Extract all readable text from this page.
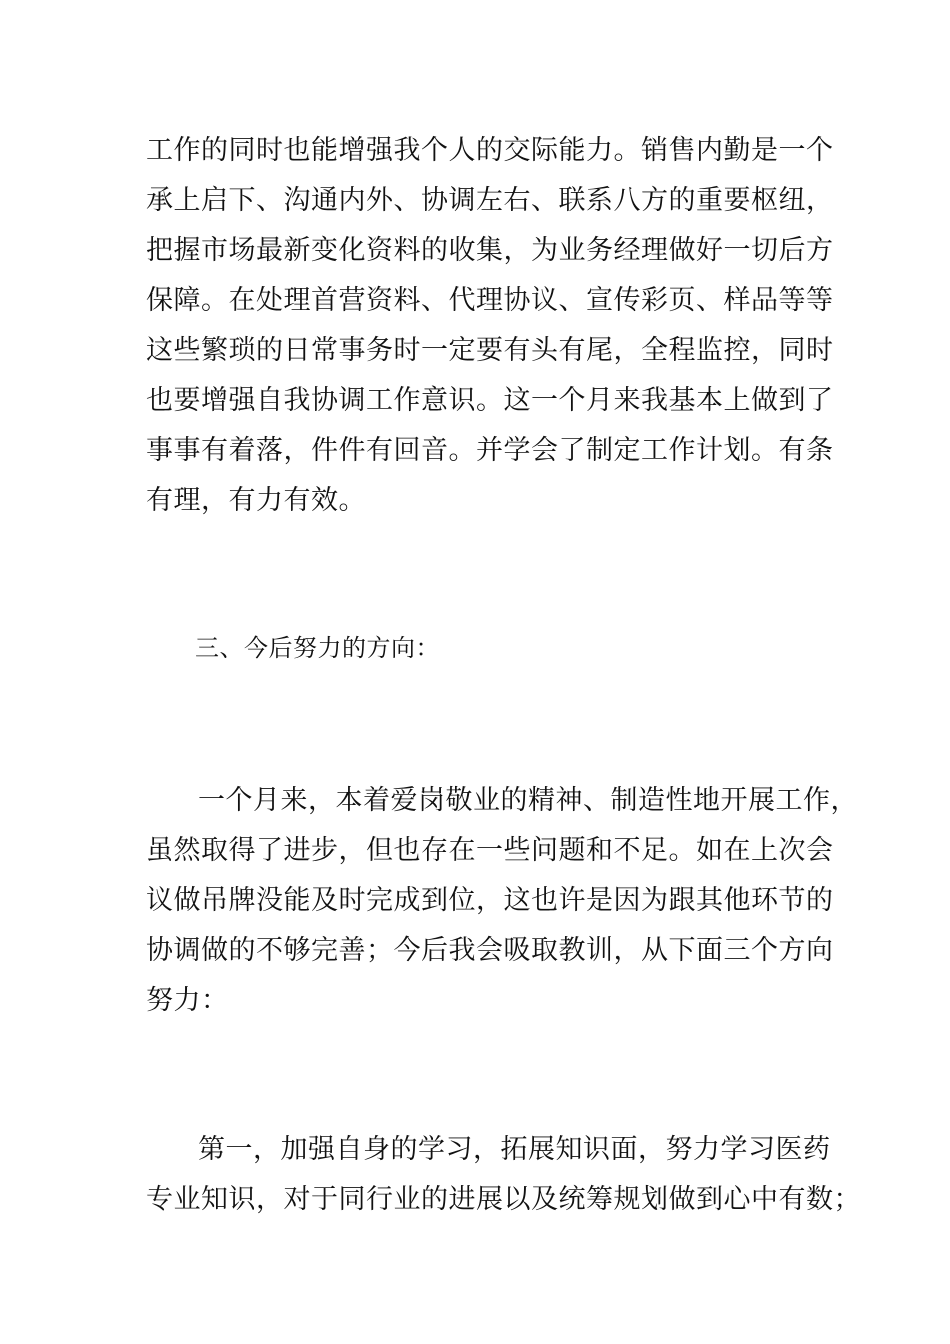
工作的同时也能增强我个人的交际能力。销售内勤是一个
承上启下、沟通内外、协调左右、联系八方的重要枢纽，
把握市场最新变化资料的收集，为业务经理做好一切后方
保障。在处理首营资料、代理协议、宣传彩页、样品等等
这些繁琐的日常事务时一定要有头有尾，全程监控，同时
也要增强自我协调工作意识。这一个月来我基本上做到了
事事有着落，件件有回音。并学会了制定工作计划。有条
有理，有力有效。
三、今后努力的方向：
一个月来，本着爱岗敬业的精神、制造性地开展工作，
虽然取得了进步，但也存在一些问题和不足。如在上次会
议做吊牌没能及时完成到位，这也许是因为跟其他环节的
协调做的不够完善；今后我会吸取教训，从下面三个方向
努力：
第一，加强自身的学习，拓展知识面，努力学习医药
专业知识，对于同行业的进展以及统筹规划做到心中有数；
